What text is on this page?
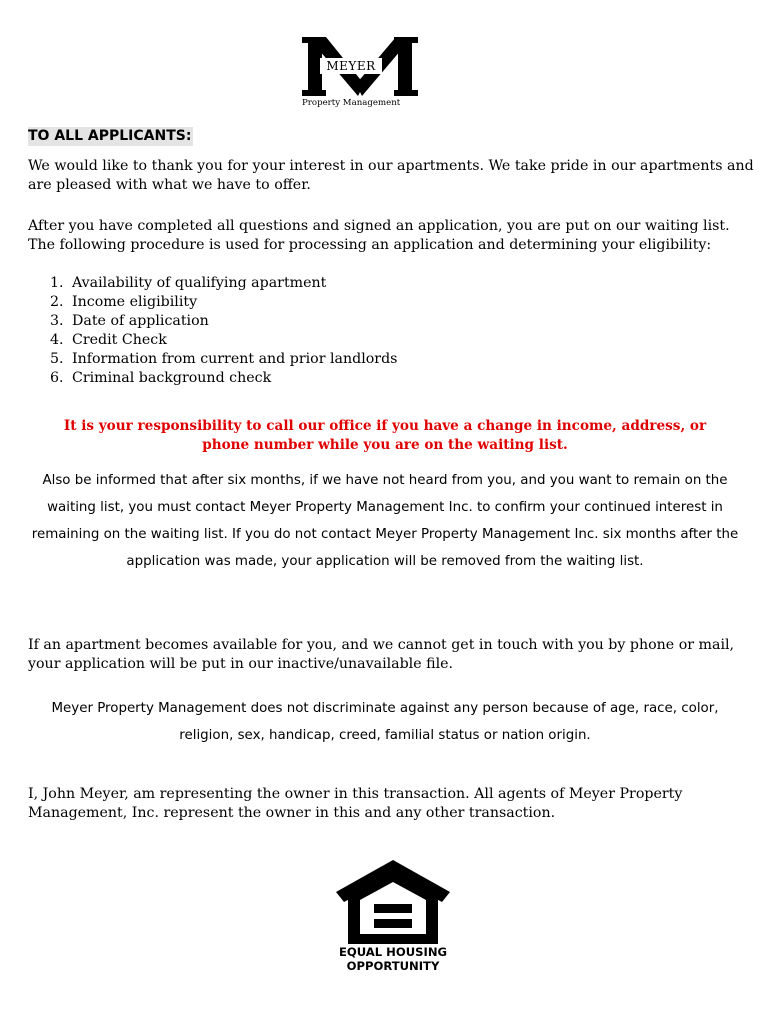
MEYER
Property Management
TO ALL APPLICANTS:
We would like to thank you for your interest in our apartments. We take pride in our apartments and are pleased with what we have to offer.
After you have completed all questions and signed an application, you are put on our waiting list. The following procedure is used for processing an application and determining your eligibility:
1. Availability of qualifying apartment
2. Income eligibility
3. Date of application
4. Credit Check
5. Information from current and prior landlords
6. Criminal background check
It is your responsibility to call our office if you have a change in income, address, or
phone number while you are on the waiting list.
Also be informed that after six months, if we have not heard from you, and you want to remain on the waiting list, you must contact Meyer Property Management Inc. to confirm your continued interest in remaining on the waiting list. If you do not contact Meyer Property Management Inc. six months after the application was made, your application will be removed from the waiting list.
If an apartment becomes available for you, and we cannot get in touch with you by phone or mail, your application will be put in our inactive/unavailable file.
Meyer Property Management does not discriminate against any person because of age, race, color, religion, sex, handicap, creed, familial status or nation origin.
I, John Meyer, am representing the owner in this transaction. All agents of Meyer Property Management, Inc. represent the owner in this and any other transaction.
EQUAL HOUSING
OPPORTUNITY
